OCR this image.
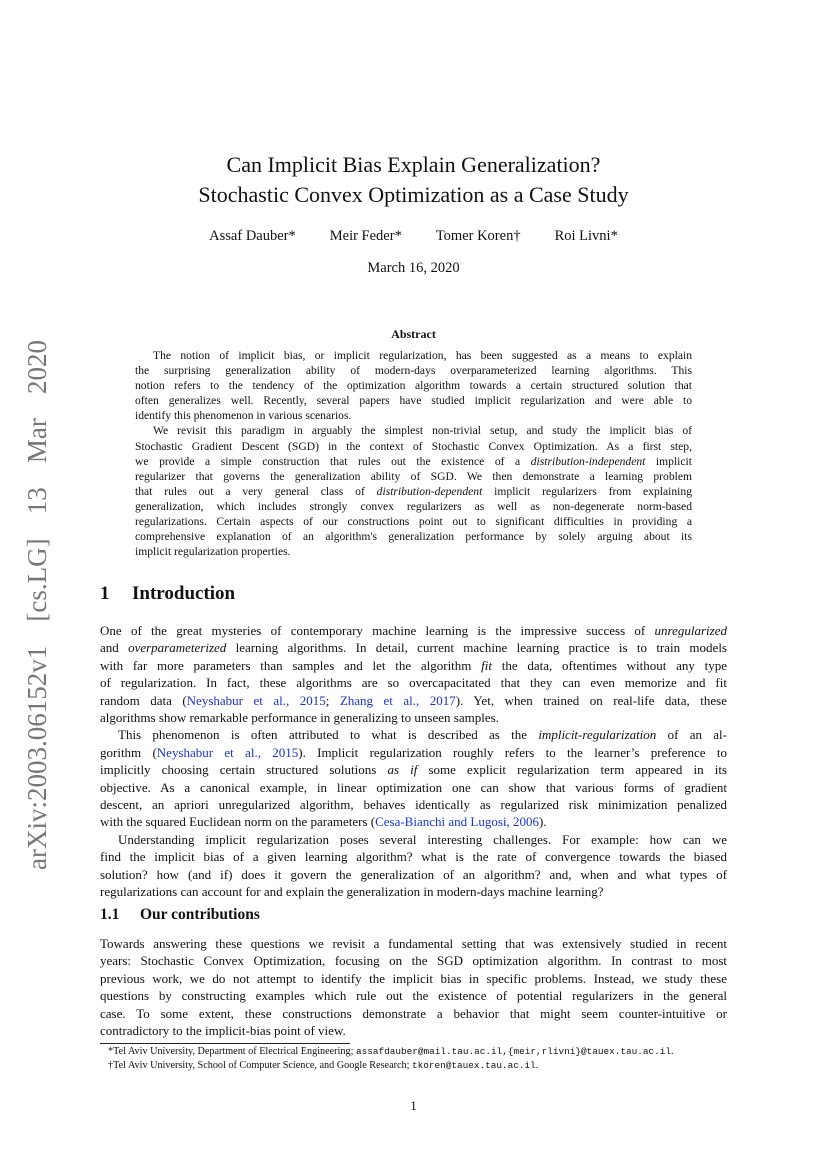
arXiv:2003.06152v1 [cs.LG] 13 Mar 2020
Can Implicit Bias Explain Generalization?
Stochastic Convex Optimization as a Case Study
Assaf Dauber* Meir Feder* Tomer Koren† Roi Livni*
March 16, 2020
Abstract
The notion of implicit bias, or implicit regularization, has been suggested as a means to explain
the surprising generalization ability of modern-days overparameterized learning algorithms. This
notion refers to the tendency of the optimization algorithm towards a certain structured solution that
often generalizes well. Recently, several papers have studied implicit regularization and were able to
identify this phenomenon in various scenarios.
We revisit this paradigm in arguably the simplest non-trivial setup, and study the implicit bias of
Stochastic Gradient Descent (SGD) in the context of Stochastic Convex Optimization. As a first step,
we provide a simple construction that rules out the existence of a distribution-independent implicit
regularizer that governs the generalization ability of SGD. We then demonstrate a learning problem
that rules out a very general class of distribution-dependent implicit regularizers from explaining
generalization, which includes strongly convex regularizers as well as non-degenerate norm-based
regularizations. Certain aspects of our constructions point out to significant difficulties in providing a
comprehensive explanation of an algorithm's generalization performance by solely arguing about its
implicit regularization properties.
1 Introduction
One of the great mysteries of contemporary machine learning is the impressive success of unregularized
and overparameterized learning algorithms. In detail, current machine learning practice is to train models
with far more parameters than samples and let the algorithm fit the data, oftentimes without any type
of regularization. In fact, these algorithms are so overcapacitated that they can even memorize and fit
random data (Neyshabur et al., 2015; Zhang et al., 2017). Yet, when trained on real-life data, these
algorithms show remarkable performance in generalizing to unseen samples.
This phenomenon is often attributed to what is described as the implicit-regularization of an al-
gorithm (Neyshabur et al., 2015). Implicit regularization roughly refers to the learner’s preference to
implicitly choosing certain structured solutions as if some explicit regularization term appeared in its
objective. As a canonical example, in linear optimization one can show that various forms of gradient
descent, an apriori unregularized algorithm, behaves identically as regularized risk minimization penalized
with the squared Euclidean norm on the parameters (Cesa-Bianchi and Lugosi, 2006).
Understanding implicit regularization poses several interesting challenges. For example: how can we
find the implicit bias of a given learning algorithm? what is the rate of convergence towards the biased
solution? how (and if) does it govern the generalization of an algorithm? and, when and what types of
regularizations can account for and explain the generalization in modern-days machine learning?
1.1 Our contributions
Towards answering these questions we revisit a fundamental setting that was extensively studied in recent
years: Stochastic Convex Optimization, focusing on the SGD optimization algorithm. In contrast to most
previous work, we do not attempt to identify the implicit bias in specific problems. Instead, we study these
questions by constructing examples which rule out the existence of potential regularizers in the general
case. To some extent, these constructions demonstrate a behavior that might seem counter-intuitive or
contradictory to the implicit-bias point of view.
*Tel Aviv University, Department of Electrical Engineering; assafdauber@mail.tau.ac.il,{meir,rlivni}@tauex.tau.ac.il.
†Tel Aviv University, School of Computer Science, and Google Research; tkoren@tauex.tau.ac.il.
1
